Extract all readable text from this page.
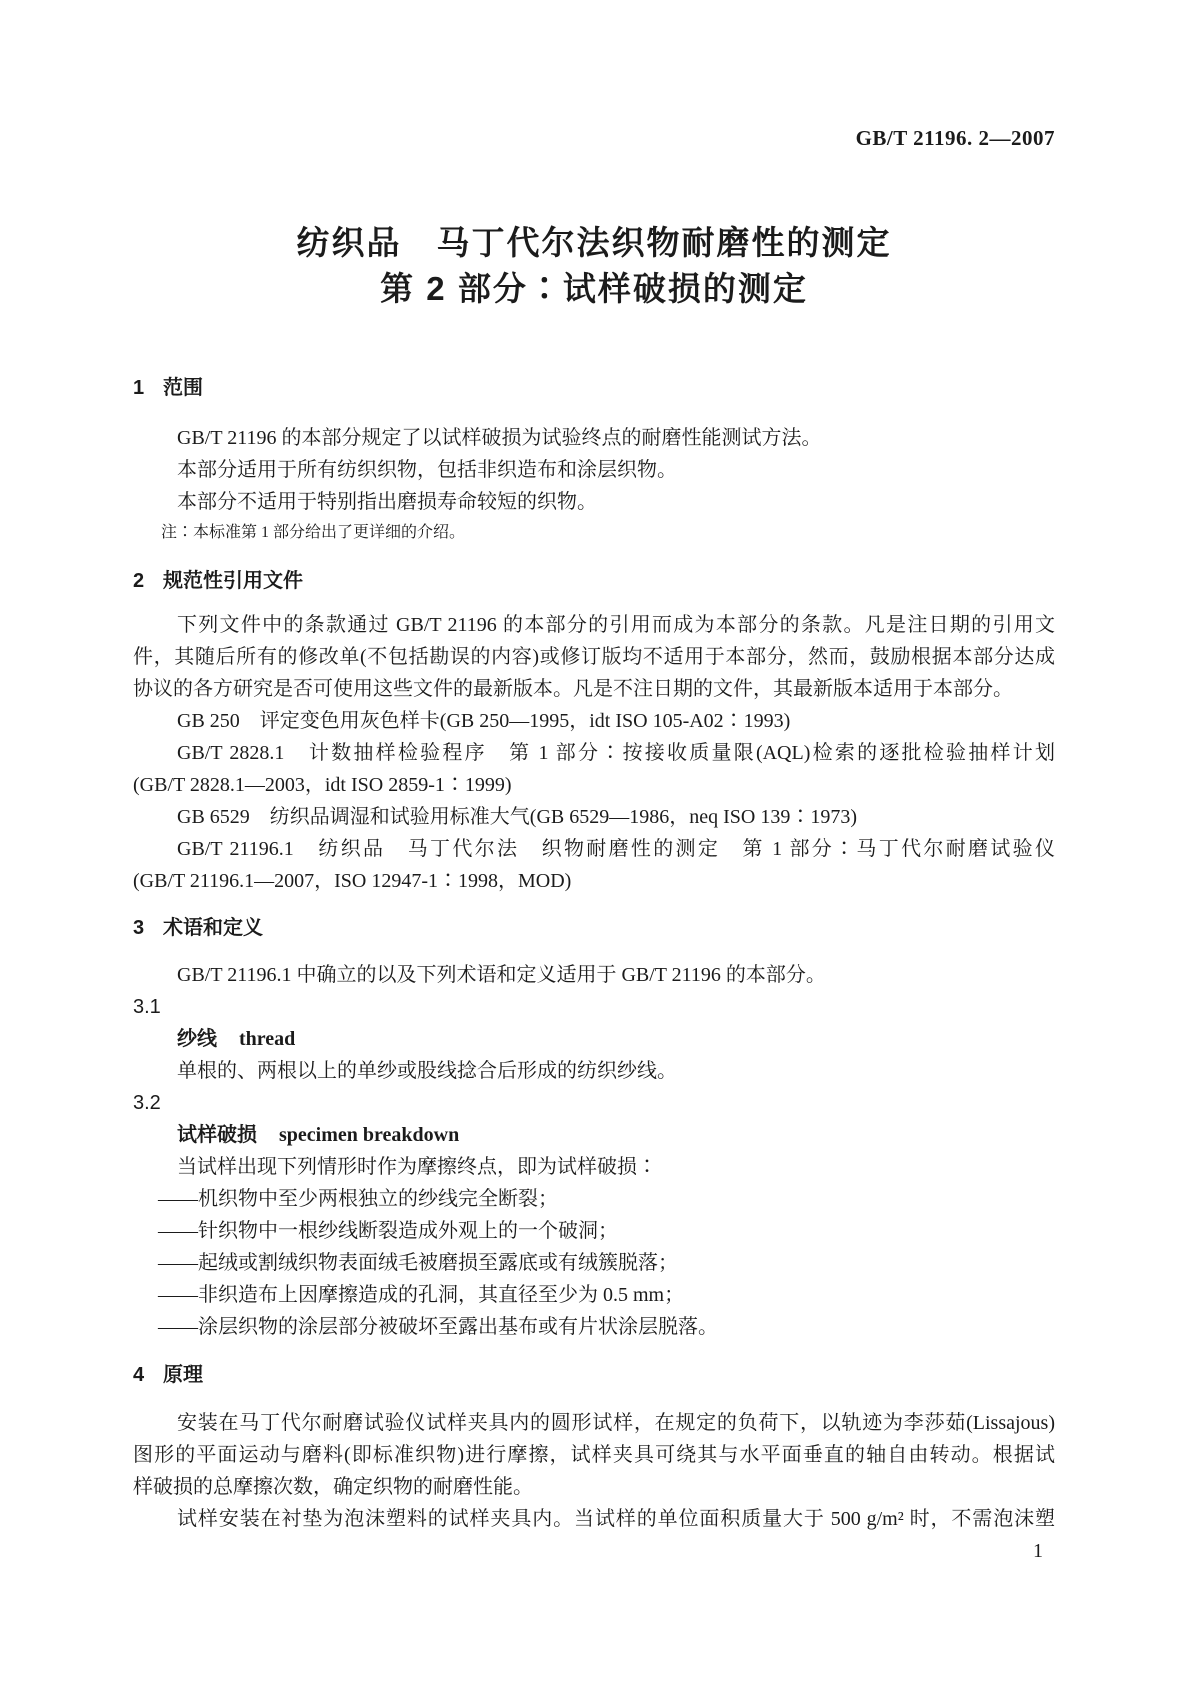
GB/T 21196. 2—2007
纺织品　马丁代尔法织物耐磨性的测定
第 2 部分∶试样破损的测定
1 范围
GB/T 21196 的本部分规定了以试样破损为试验终点的耐磨性能测试方法。
本部分适用于所有纺织织物，包括非织造布和涂层织物。
本部分不适用于特别指出磨损寿命较短的织物。
注∶本标准第 1 部分给出了更详细的介绍。
2 规范性引用文件
下列文件中的条款通过 GB/T 21196 的本部分的引用而成为本部分的条款。凡是注日期的引用文
件，其随后所有的修改单(不包括勘误的内容)或修订版均不适用于本部分，然而，鼓励根据本部分达成
协议的各方研究是否可使用这些文件的最新版本。凡是不注日期的文件，其最新版本适用于本部分。
GB 250　评定变色用灰色样卡(GB 250—1995，idt ISO 105-A02∶1993)
GB/T 2828.1　计数抽样检验程序　第 1 部分∶按接收质量限(AQL)检索的逐批检验抽样计划
(GB/T 2828.1—2003，idt ISO 2859-1∶1999)
GB 6529　纺织品调湿和试验用标准大气(GB 6529—1986，neq ISO 139∶1973)
GB/T 21196.1　纺织品　马丁代尔法　织物耐磨性的测定　第 1 部分∶马丁代尔耐磨试验仪
(GB/T 21196.1—2007，ISO 12947-1∶1998，MOD)
3 术语和定义
GB/T 21196.1 中确立的以及下列术语和定义适用于 GB/T 21196 的本部分。
3.1
纱线 thread
单根的、两根以上的单纱或股线捻合后形成的纺织纱线。
3.2
试样破损 specimen breakdown
当试样出现下列情形时作为摩擦终点，即为试样破损∶
——机织物中至少两根独立的纱线完全断裂；
——针织物中一根纱线断裂造成外观上的一个破洞；
——起绒或割绒织物表面绒毛被磨损至露底或有绒簇脱落；
——非织造布上因摩擦造成的孔洞，其直径至少为 0.5 mm；
——涂层织物的涂层部分被破坏至露出基布或有片状涂层脱落。
4 原理
安装在马丁代尔耐磨试验仪试样夹具内的圆形试样，在规定的负荷下，以轨迹为李莎茹(Lissajous)
图形的平面运动与磨料(即标准织物)进行摩擦，试样夹具可绕其与水平面垂直的轴自由转动。根据试
样破损的总摩擦次数，确定织物的耐磨性能。
试样安装在衬垫为泡沫塑料的试样夹具内。当试样的单位面积质量大于 500 g/m² 时，不需泡沫塑
1
